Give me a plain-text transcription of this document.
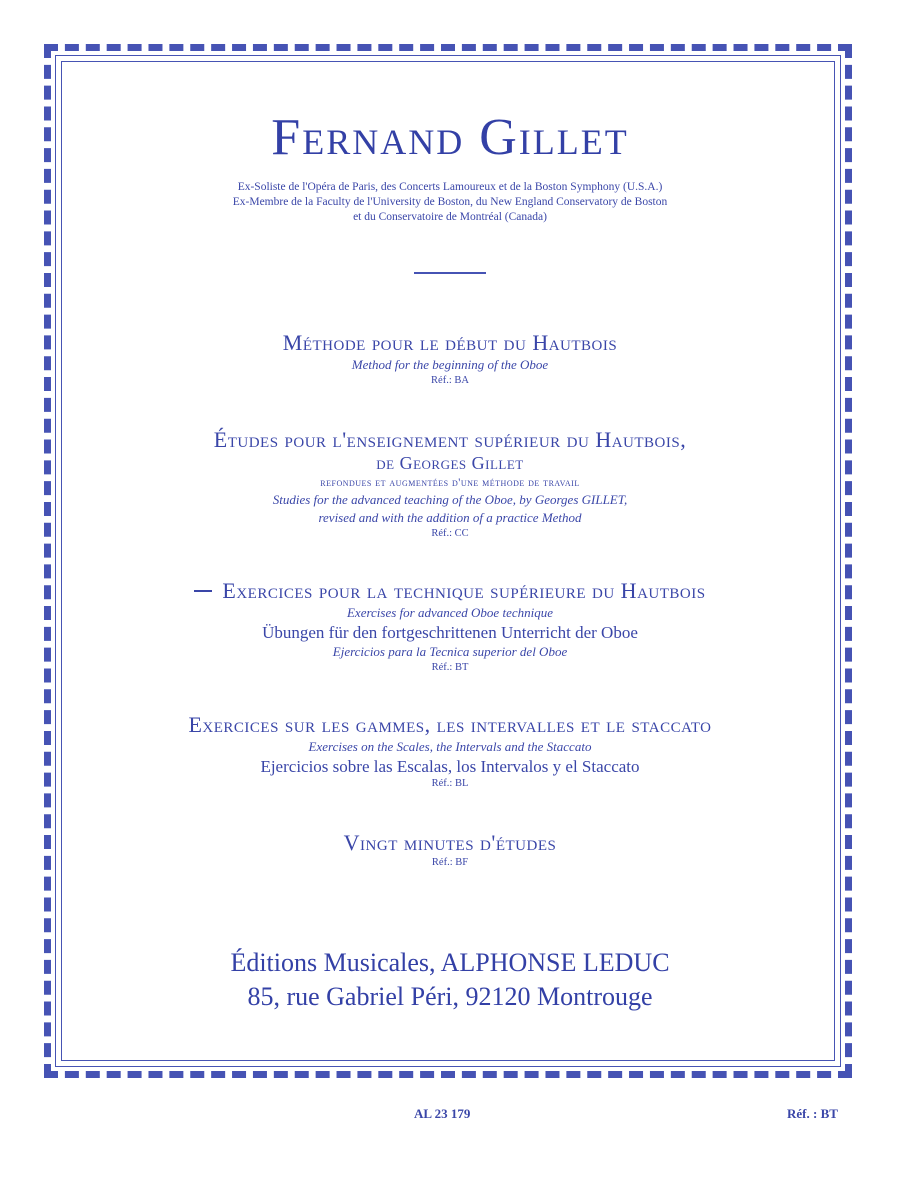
Fernand Gillet
Ex-Soliste de l'Opéra de Paris, des Concerts Lamoureux et de la Boston Symphony (U.S.A.)
Ex-Membre de la Faculty de l'University de Boston, du New England Conservatory de Boston
et du Conservatoire de Montréal (Canada)
Méthode pour le début du Hautbois
Method for the beginning of the Oboe
Réf.: BA
Études pour l'enseignement supérieur du Hautbois,
de Georges Gillet
refondues et augmentées d'une méthode de travail
Studies for the advanced teaching of the Oboe, by Georges GILLET,
revised and with the addition of a practice Method
Réf.: CC
Exercices pour la technique supérieure du Hautbois
Exercises for advanced Oboe technique
Übungen für den fortgeschrittenen Unterricht der Oboe
Ejercicios para la Tecnica superior del Oboe
Réf.: BT
Exercices sur les gammes, les intervalles et le staccato
Exercises on the Scales, the Intervals and the Staccato
Ejercicios sobre las Escalas, los Intervalos y el Staccato
Réf.: BL
Vingt minutes d'études
Réf.: BF
Éditions Musicales, ALPHONSE LEDUC
85, rue Gabriel Péri, 92120 Montrouge
AL 23 179	Réf. : BT
